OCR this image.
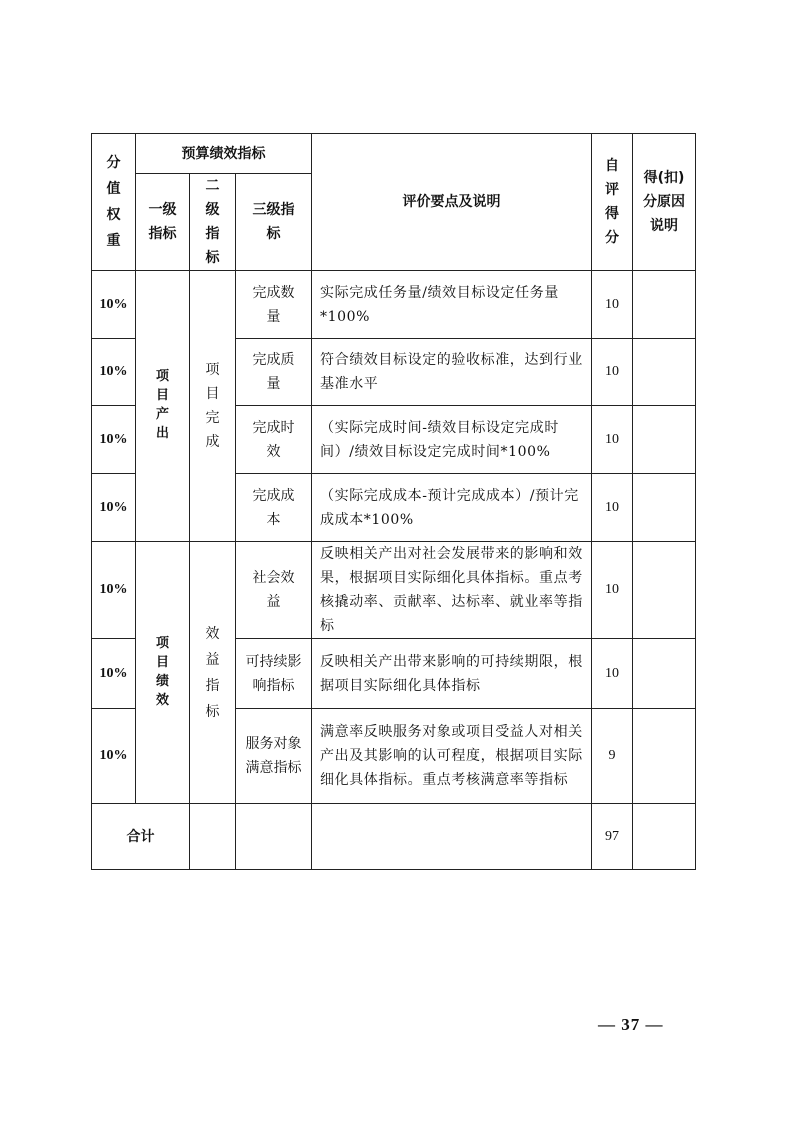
分值权重	预算绩效指标			评价要点及说明	自评得分	得(扣)分原因说明
	一级指标	二级指标	三级指标			
10%	项目产出	项目完成	完成数量	实际完成任务量/绩效目标设定任务量*100%	10	
10%			完成质量	符合绩效目标设定的验收标准，达到行业基准水平	10	
10%			完成时效	（实际完成时间-绩效目标设定完成时间）/绩效目标设定完成时间*100%	10	
10%			完成成本	（实际完成成本-预计完成成本）/预计完成成本*100%	10	
10%	项目绩效	效益指标	社会效益	反映相关产出对社会发展带来的影响和效果，根据项目实际细化具体指标。重点考核撬动率、贡献率、达标率、就业率等指标	10	
10%			可持续影响指标	反映相关产出带来影响的可持续期限，根据项目实际细化具体指标	10	
10%			服务对象满意指标	满意率反映服务对象或项目受益人对相关产出及其影响的认可程度，根据项目实际细化具体指标。重点考核满意率等指标	9	
合计					97	
— 37 —
